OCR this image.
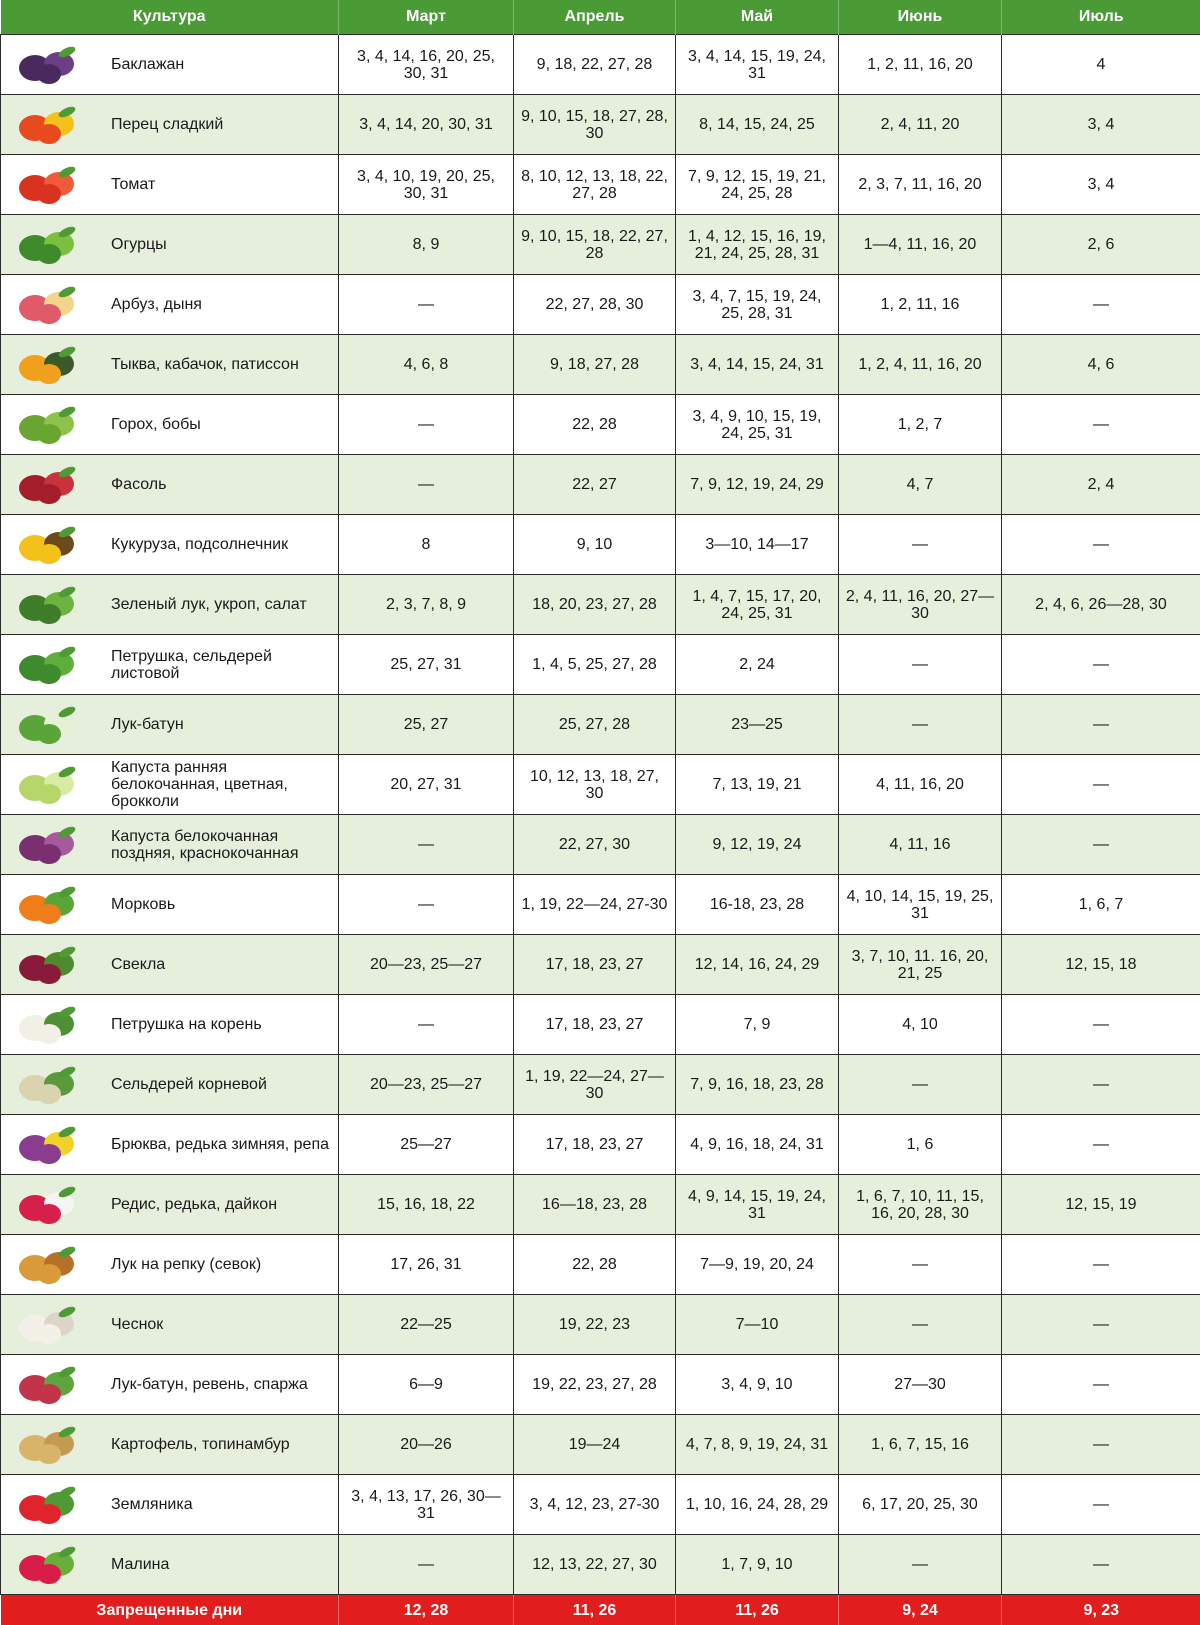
Культура	Март	Апрель	Май	Июнь	Июль

Баклажан	3, 4, 14, 16, 20, 25, 30, 31	9, 18, 22, 27, 28	3, 4, 14, 15, 19, 24, 31	1, 2, 11, 16, 20	4

Перец сладкий	3, 4, 14, 20, 30, 31	9, 10, 15, 18, 27, 28, 30	8, 14, 15, 24, 25	2, 4, 11, 20	3, 4

Томат	3, 4, 10, 19, 20, 25, 30, 31	8, 10, 12, 13, 18, 22, 27, 28	7, 9, 12, 15, 19, 21, 24, 25, 28	2, 3, 7, 11, 16, 20	3, 4

Огурцы	8, 9	9, 10, 15, 18, 22, 27, 28	1, 4, 12, 15, 16, 19, 21, 24, 25, 28, 31	1—4, 11, 16, 20	2, 6

Арбуз, дыня	—	22, 27, 28, 30	3, 4, 7, 15, 19, 24, 25, 28, 31	1, 2, 11, 16	—

Тыква, кабачок, патиссон	4, 6, 8	9, 18, 27, 28	3, 4, 14, 15, 24, 31	1, 2, 4, 11, 16, 20	4, 6

Горох, бобы	—	22, 28	3, 4, 9, 10, 15, 19, 24, 25, 31	1, 2, 7	—

Фасоль	—	22, 27	7, 9, 12, 19, 24, 29	4, 7	2, 4

Кукуруза, подсолнечник	8	9, 10	3—10, 14—17	—	—

Зеленый лук, укроп, салат	2, 3, 7, 8, 9	18, 20, 23, 27, 28	1, 4, 7, 15, 17, 20, 24, 25, 31	2, 4, 11, 16, 20, 27—30	2, 4, 6, 26—28, 30

Петрушка, сельдерей листовой	25, 27, 31	1, 4, 5, 25, 27, 28	2, 24	—	—

Лук-батун	25, 27	25, 27, 28	23—25	—	—

Капуста ранняя белокочанная, цветная, брокколи	20, 27, 31	10, 12, 13, 18, 27, 30	7, 13, 19, 21	4, 11, 16, 20	—

Капуста белокочанная поздняя, краснокочанная	—	22, 27, 30	9, 12, 19, 24	4, 11, 16	—

Морковь	—	1, 19, 22—24, 27-30	16-18, 23, 28	4, 10, 14, 15, 19, 25, 31	1, 6, 7

Свекла	20—23, 25—27	17, 18, 23, 27	12, 14, 16, 24, 29	3, 7, 10, 11. 16, 20, 21, 25	12, 15, 18

Петрушка на корень	—	17, 18, 23, 27	7, 9	4, 10	—

Сельдерей корневой	20—23, 25—27	1, 19, 22—24, 27—30	7, 9, 16, 18, 23, 28	—	—

Брюква, редька зимняя, репа	25—27	17, 18, 23, 27	4, 9, 16, 18, 24, 31	1, 6	—

Редис, редька, дайкон	15, 16, 18, 22	16—18, 23, 28	4, 9, 14, 15, 19, 24, 31	1, 6, 7, 10, 11, 15, 16, 20, 28, 30	12, 15, 19

Лук на репку (севок)	17, 26, 31	22, 28	7—9, 19, 20, 24	—	—

Чеснок	22—25	19, 22, 23	7—10	—	—

Лук-батун, ревень, спаржа	6—9	19, 22, 23, 27, 28	3, 4, 9, 10	27—30	—

Картофель, топинамбур	20—26	19—24	4, 7, 8, 9, 19, 24, 31	1, 6, 7, 15, 16	—

Земляника	3, 4, 13, 17, 26, 30—31	3, 4, 12, 23, 27-30	1, 10, 16, 24, 28, 29	6, 17, 20, 25, 30	—

Малина	—	12, 13, 22, 27, 30	1, 7, 9, 10	—	—
Запрещенные дни	12, 28	11, 26	11, 26	9, 24	9, 23
